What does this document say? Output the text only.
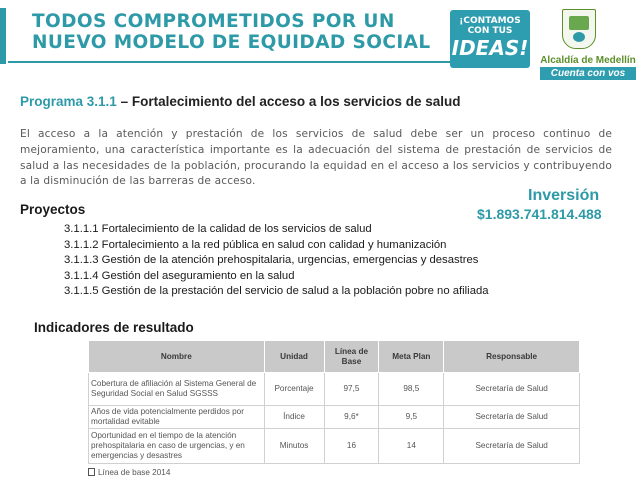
TODOS COMPROMETIDOS POR UN
NUEVO MODELO DE EQUIDAD SOCIAL
¡CONTAMOS
CON TUS
IDEAS!
Alcaldía de Medellín
Cuenta con vos
Programa 3.1.1 – Fortalecimiento del acceso a los servicios de salud

El acceso a la atención y prestación de los servicios de salud debe ser un proceso continuo de mejoramiento, una característica importante es la adecuación del sistema de prestación de servicios de salud a las necesidades de la población, procurando la equidad en el acceso a los servicios y contribuyendo a la disminución de las barreras de acceso.

Inversión
$1.893.741.814.488
Proyectos
3.1.1.1 Fortalecimiento de la calidad de los servicios de salud
3.1.1.2 Fortalecimiento a la red pública en salud con calidad y humanización
3.1.1.3 Gestión de la atención prehospitalaria, urgencias, emergencias y desastres
3.1.1.4 Gestión del aseguramiento en la salud
3.1.1.5 Gestión de la prestación del servicio de salud a la población pobre no afiliada
Indicadores de resultado
Nombre	Unidad	Línea de Base	Meta Plan	Responsable
Cobertura de afiliación al Sistema General de Seguridad Social en Salud SGSSS	Porcentaje	97,5	98,5	Secretaría de Salud
Años de vida potencialmente perdidos por mortalidad evitable	Índice	9,6*	9,5	Secretaría de Salud
Oportunidad en el tiempo de la atención prehospitalaria en caso de urgencias, y en emergencias y desastres	Minutos	16	14	Secretaría de Salud
Línea de base 2014
